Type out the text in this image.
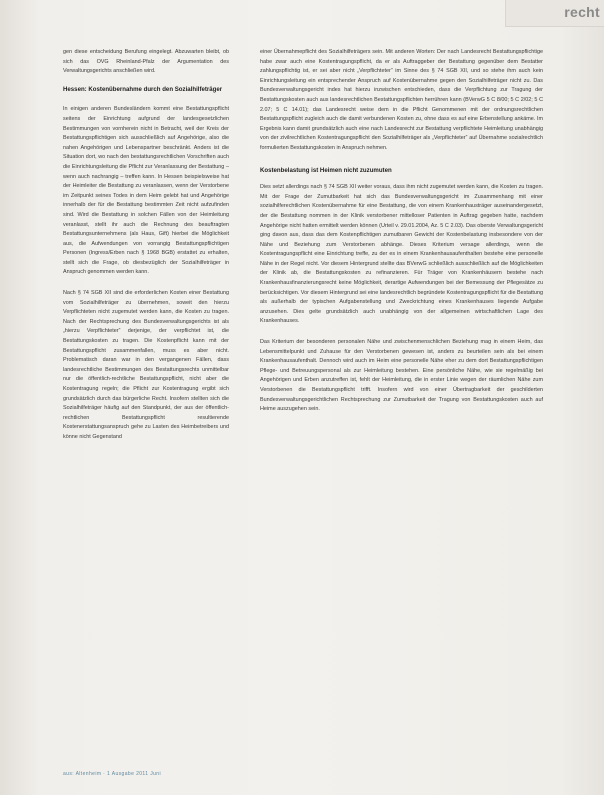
recht

gen diese entscheidung Berufung eingelegt. Abzuwarten bleibt, ob sich das OVG Rheinland-Pfalz der Argumentation des Verwaltungsgerichts anschließen wird.

Hessen: Kostenübernahme durch den Sozialhilfeträger

In einigen anderen Bundesländern kommt eine Bestattungspflicht seitens der Einrichtung aufgrund der landesgesetzlichen Bestimmungen von vornherein nicht in Betracht, weil der Kreis der Bestattungspflichtigen sich ausschließlich auf Angehörige, also die nahen Angehörigen und Lebenspartner beschränkt. Anders ist die Situation dort, wo nach den bestattungsrechtlichen Vorschriften auch die Einrichtungsleitung die Pflicht zur Veranlassung der Bestattung – wenn auch nachrangig – treffen kann. In Hessen beispielsweise hat der Heimleiter die Bestattung zu veranlassen, wenn der Verstorbene im Zeitpunkt seines Todes in dem Heim gelebt hat und Angehörige innerhalb der für die Bestattung bestimmten Zeit nicht aufzufinden sind. Wird die Bestattung in solchen Fällen von der Heimleitung veranlasst, stellt ihr auch die Rechnung des beauftragten Bestattungsunternehmens (als Haus, Gift) hierbei die Möglichkeit aus, die Aufwendungen von vorrangig Bestattungspflichtigen Personen (Ingress/Erben nach § 1968 BGB) erstattet zu erhalten, stellt sich die Frage, ob diesbezüglich der Sozialhilfeträger in Anspruch genommen werden kann.

Nach § 74 SGB XII sind die erforderlichen Kosten einer Bestattung vom Sozialhilfeträger zu übernehmen, soweit den hierzu Verpflichteten nicht zugemutet werden kann, die Kosten zu tragen. Nach der Rechtsprechung des Bundesverwaltungsgerichts ist als „hierzu Verpflichteter“ derjenige, der verpflichtet ist, die Bestattungskosten zu tragen. Die Kostenpflicht kann mit der Bestattungspflicht zusammenfallen, muss es aber nicht. Problematisch daran war in den vergangenen Fällen, dass landesrechtliche Bestimmungen des Bestattungsrechts unmittelbar nur die öffentlich-rechtliche Bestattungspflicht, nicht aber die Kostentragung regeln; die Pflicht zur Kostentragung ergibt sich grundsätzlich durch das bürgerliche Recht. Insofern stellten sich die Sozialhilfeträger häufig auf den Standpunkt, der aus der öffentlich-rechtlichen Bestattungspflicht resultierende Kostenerstattungsanspruch gehe zu Lasten des Heimbetreibers und könne nicht Gegenstand

einer Übernahmepflicht des Sozialhilfeträgers sein. Mit anderen Worten: Der nach Landesrecht Bestattungspflichtige habe zwar auch eine Kostentragungspflicht, da er als Auftraggeber der Bestattung gegenüber dem Bestatter zahlungspflichtig ist, er sei aber nicht „Verpflichteter“ im Sinne des § 74 SGB XII, und so stehe ihm auch kein Einrichtungsleitung ein entsprechender Anspruch auf Kostenübernahme gegen den Sozialhilfeträger nicht zu. Das Bundesverwaltungsgericht indes hat hierzu inzwischen entschieden, dass die Verpflichtung zur Tragung der Bestattungskosten auch aus landesrechtlichen Bestattungspflichten herrühren kann (BVerwG 5 C 8/00; 5 C 2/02; 5 C 2.07; 5 C 14.01); das Landesrecht weise dem in die Pflicht Genommenen mit der ordnungsrechtlichen Bestattungspflicht zugleich auch die damit verbundenen Kosten zu, ohne dass es auf eine Erbenstellung ankäme. Im Ergebnis kann damit grundsätzlich auch eine nach Landesrecht zur Bestattung verpflichtete Heimleitung unabhängig von der zivilrechtlichen Kostentragungspflicht den Sozialhilfeträger als „Verpflichteter“ auf Übernahme sozialrechtlich formulierten Bestattungskosten in Anspruch nehmen.

Kostenbelastung ist Heimen nicht zuzumuten

Dies setzt allerdings nach § 74 SGB XII weiter voraus, dass ihm nicht zugemutet werden kann, die Kosten zu tragen. Mit der Frage der Zumutbarkeit hat sich das Bundesverwaltungsgericht im Zusammenhang mit einer sozialhilferechtlichen Kostenübernahme für eine Bestattung, die von einem Krankenhausträger auseinandergesetzt, der die Bestattung nommen in der Klinik verstorbener mittelloser Patienten in Auftrag gegeben hatte, nachdem Angehörige nicht hatten ermittelt werden können (Urteil v. 29.01.2004, Az. 5 C 2.03). Das oberste Verwaltungsgericht ging davon aus, dass das dem Kostenpflichtigen zumutbaren Gewicht der Kostenbelastung insbesondere von der Nähe und Beziehung zum Verstorbenen abhänge. Dieses Kriterium versage allerdings, wenn die Kostentragungspflicht eine Einrichtung treffe, zu der es in einem Krankenhausaufenthalten bestehe eine personelle Nähe in der Regel nicht. Vor diesem Hintergrund stellte das BVerwG schließlich ausschließlich auf die Möglichkeiten der Klinik ab, die Bestattungskosten zu refinanzieren. Für Träger von Krankenhäusern bestehe nach Krankenhausfinanzierungsrecht keine Möglichkeit, derartige Aufwendungen bei der Bemessung der Pflegesätze zu berücksichtigen. Vor diesem Hintergrund sei eine landesrechtlich begründete Kostentragungspflicht für die Bestattung als außerhalb der typischen Aufgabenstellung und Zweckrichtung eines Krankenhauses liegende Aufgabe anzusehen. Dies gelte grundsätzlich auch unabhängig von der allgemeinen wirtschaftlichen Lage des Krankenhauses.

Das Kriterium der besonderen personalen Nähe und zwischenmenschlichen Beziehung mag in einem Heim, das Lebensmittelpunkt und Zuhause für den Verstorbenen gewesen ist, anders zu beurteilen sein als bei einem Krankenhausaufenthalt. Dennoch wird auch im Heim eine personelle Nähe eher zu dem dort Bestattungspflichtigen Pflege- und Betreuungspersonal als zur Heimleitung bestehen. Eine persönliche Nähe, wie sie regelmäßig bei Angehörigen und Erben anzutreffen ist, fehlt der Heimleitung, die in erster Linie wegen der räumlichen Nähe zum Verstorbenen die Bestattungspflicht trifft. Insofern wird von einer Übertragbarkeit der geschilderten Bundesverwaltungsgerichtlichen Rechtsprechung zur Zumutbarkeit der Tragung von Bestattungskosten auch auf Heime auszugehen sein.

aus: Altenheim · 1 Ausgabe 2011 Juni
